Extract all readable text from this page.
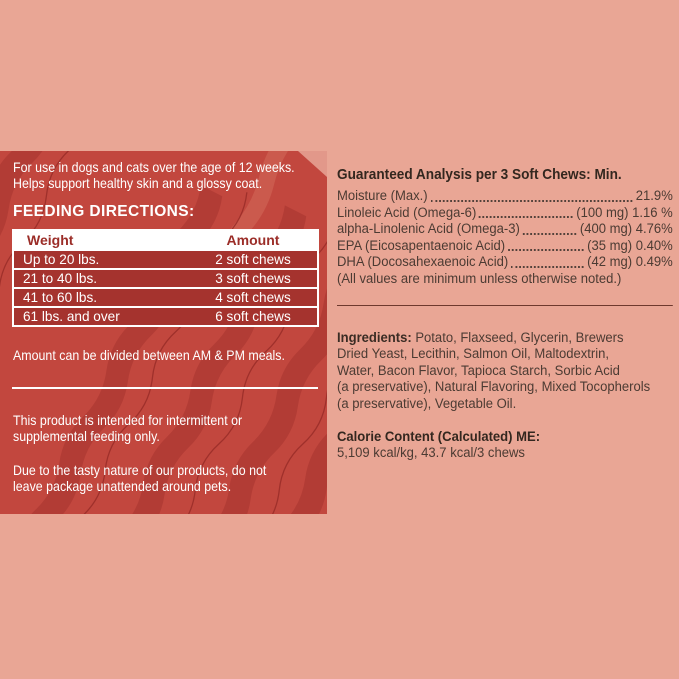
For use in dogs and cats over the age of 12 weeks.
Helps support healthy skin and a glossy coat.
FEEDING DIRECTIONS:
Weight	Amount
Up to 20 lbs.	2 soft chews
21 to 40 lbs.	3 soft chews
41 to 60 lbs.	4 soft chews
61 lbs. and over	6 soft chews
Amount can be divided between AM & PM meals.
This product is intended for intermittent or
supplemental feeding only.
Due to the tasty nature of our products, do not
leave package unattended around pets.
Guaranteed Analysis per 3 Soft Chews: Min.
Moisture (Max.)	21.9%
Linoleic Acid (Omega-6)	(100 mg) 1.16 %
alpha-Linolenic Acid (Omega-3)	(400 mg) 4.76%
EPA (Eicosapentaenoic Acid)	(35 mg) 0.40%
DHA (Docosahexaenoic Acid)	(42 mg) 0.49%
(All values are minimum unless otherwise noted.)
Ingredients: Potato, Flaxseed, Glycerin, Brewers
Dried Yeast, Lecithin, Salmon Oil, Maltodextrin,
Water, Bacon Flavor, Tapioca Starch, Sorbic Acid
(a preservative), Natural Flavoring, Mixed Tocopherols
(a preservative), Vegetable Oil.
Calorie Content (Calculated) ME:
5,109 kcal/kg, 43.7 kcal/3 chews
